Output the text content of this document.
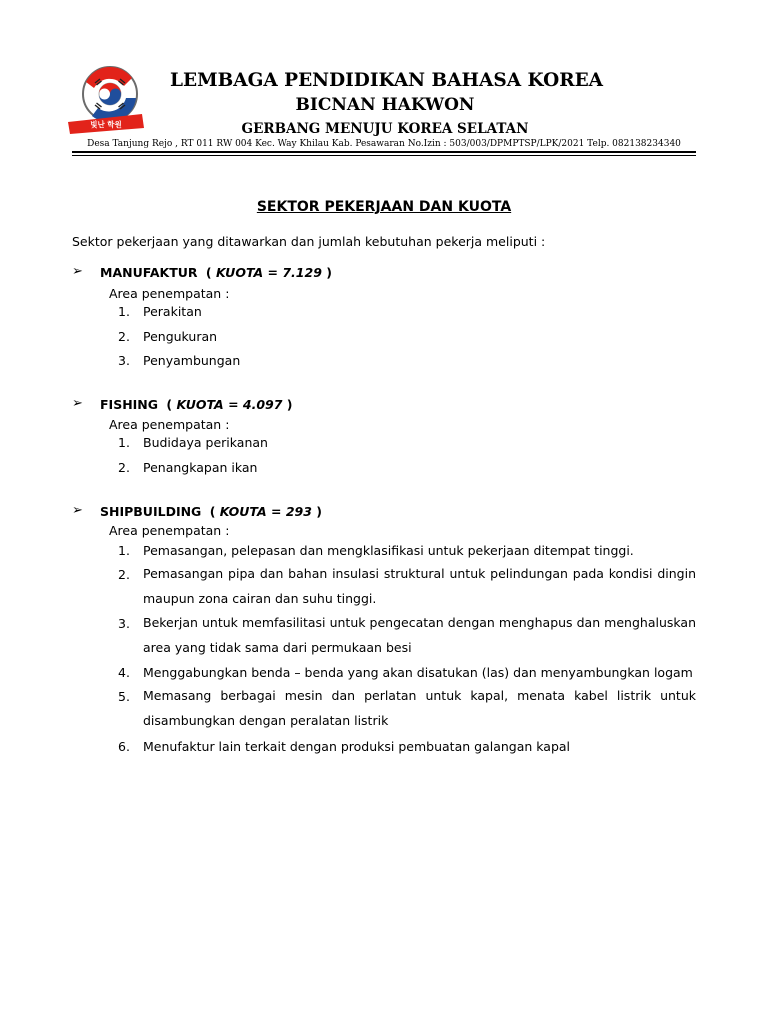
빛난 학원
LEMBAGA PENDIDIKAN BAHASA KOREA
BICNAN HAKWON
GERBANG MENUJU KOREA SELATAN
Desa Tanjung Rejo , RT 011 RW 004 Kec. Way Khilau Kab. Pesawaran No.Izin : 503/003/DPMPTSP/LPK/2021 Telp. 082138234340
SEKTOR PEKERJAAN DAN KUOTA
Sektor pekerjaan yang ditawarkan dan jumlah kebutuhan pekerja meliputi :
➢ MANUFAKTUR ( KUOTA = 7.129 )
Area penempatan :
1.	Perakitan
2.	Pengukuran
3.	Penyambungan
➢ FISHING ( KUOTA = 4.097 )
Area penempatan :
1.	Budidaya perikanan
2.	Penangkapan ikan
➢ SHIPBUILDING ( KOUTA = 293 )
Area penempatan :
1.	Pemasangan, pelepasan dan mengklasifikasi untuk pekerjaan ditempat tinggi.
2.	Pemasangan pipa dan bahan insulasi struktural untuk pelindungan pada kondisi dingin maupun zona cairan dan suhu tinggi.
3.	Bekerjan untuk memfasilitasi untuk pengecatan dengan menghapus dan menghaluskan area yang tidak sama dari permukaan besi
4.	Menggabungkan benda – benda yang akan disatukan (las) dan menyambungkan logam
5.	Memasang berbagai mesin dan perlatan untuk kapal, menata kabel listrik untuk disambungkan dengan peralatan listrik
6.	Menufaktur lain terkait dengan produksi pembuatan galangan kapal
